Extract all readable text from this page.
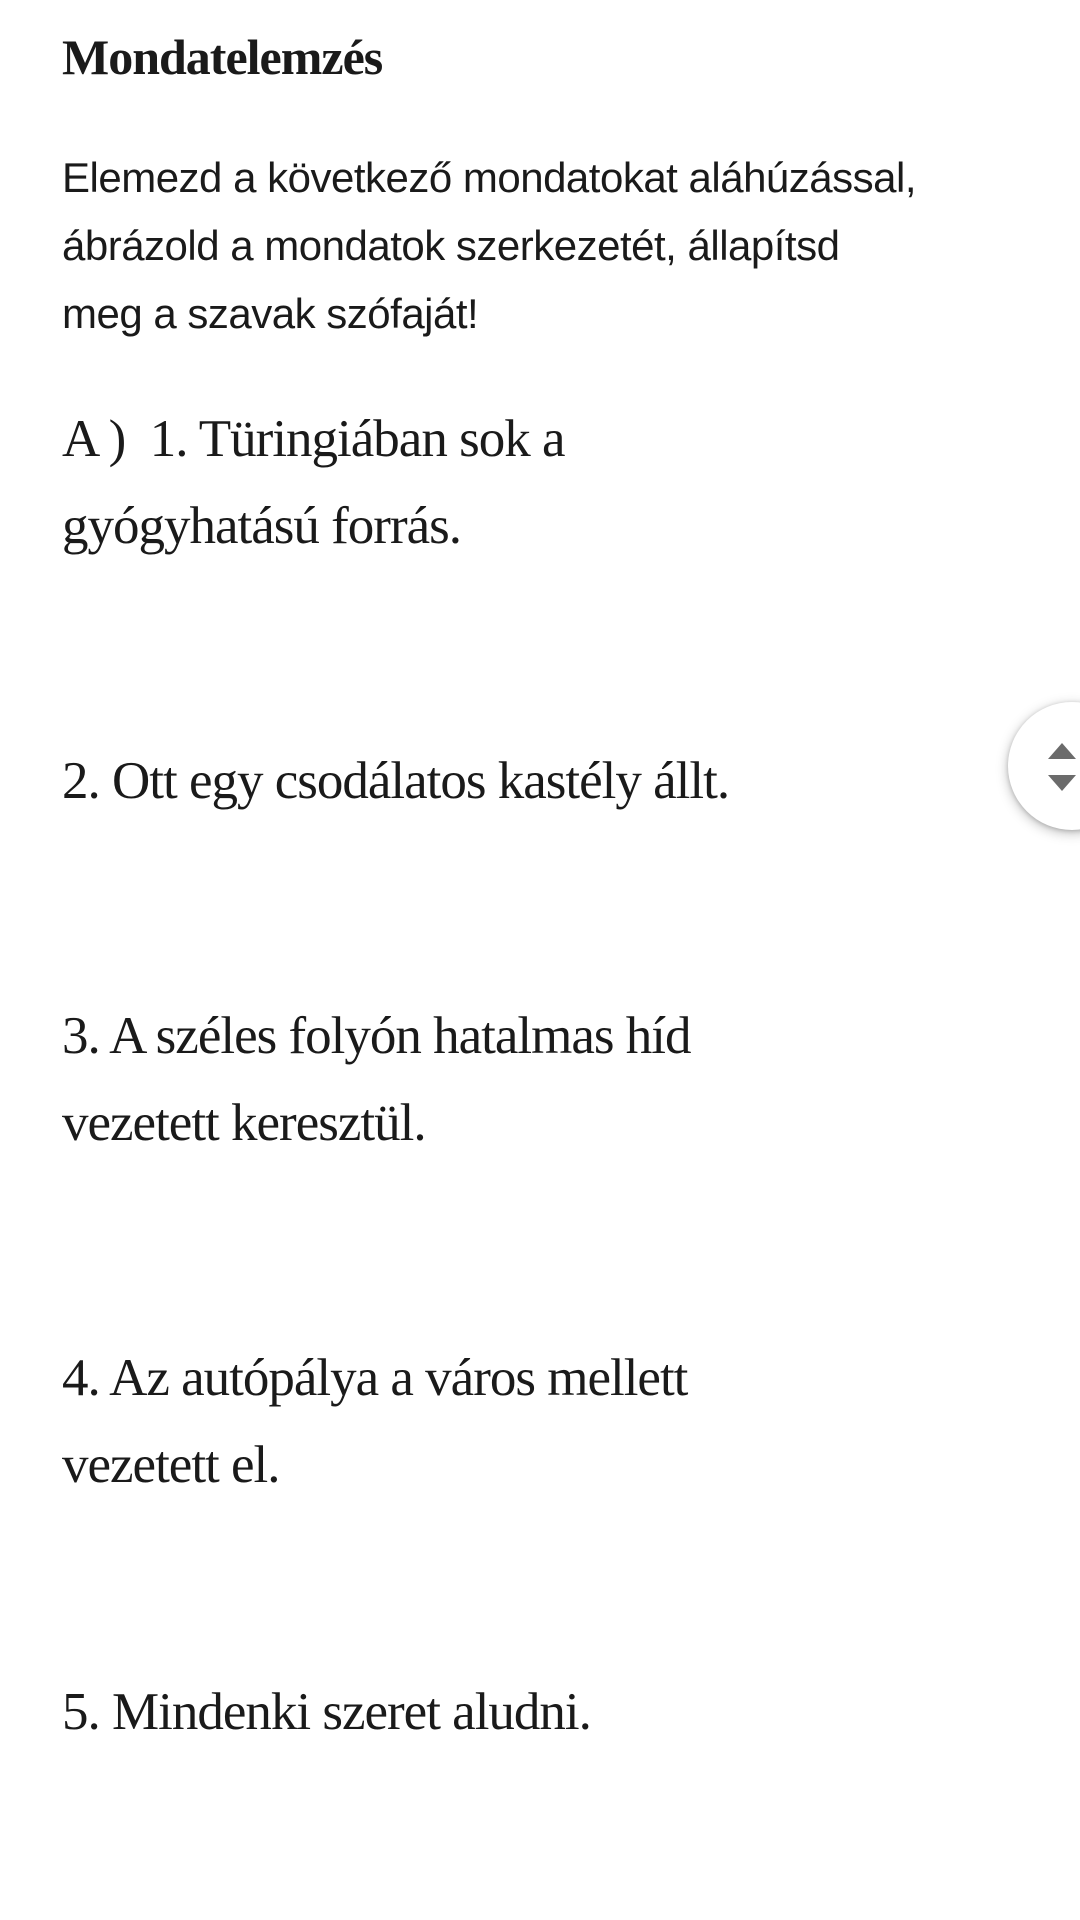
Mondatelemzés
Elemezd a következő mondatokat aláhúzással,
ábrázold a mondatok szerkezetét, állapítsd
meg a szavak szófaját!
A )  1. Türingiában sok a
gyógyhatású forrás.
2. Ott egy csodálatos kastély állt.
3. A széles folyón hatalmas híd
vezetett keresztül.
4. Az autópálya a város mellett
vezetett el.
5. Mindenki szeret aludni.
